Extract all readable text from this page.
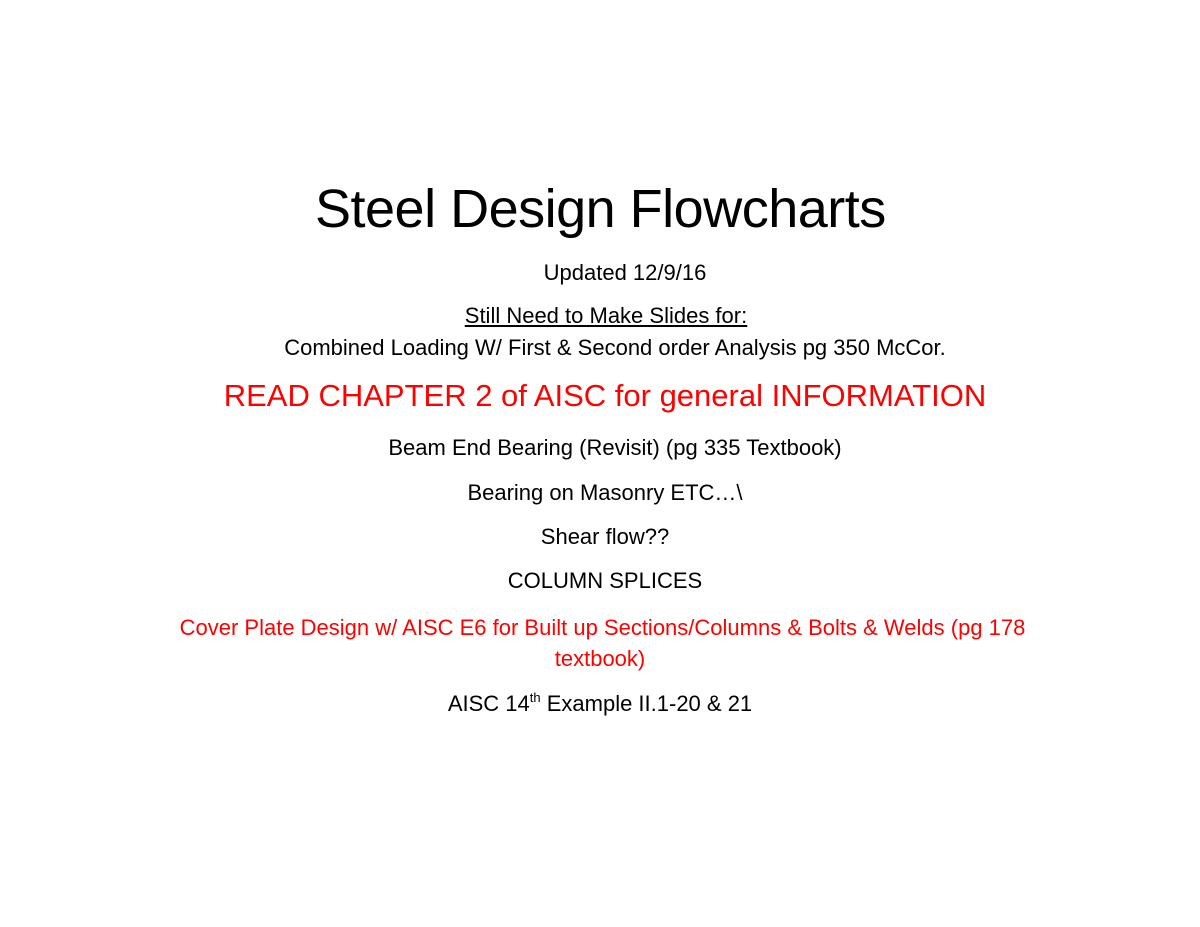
Steel Design Flowcharts
Updated 12/9/16
Still Need to Make Slides for:
Combined Loading W/ First & Second order Analysis pg 350 McCor.
READ CHAPTER 2 of AISC for general INFORMATION
Beam End Bearing (Revisit) (pg 335 Textbook)
Bearing on Masonry ETC…\
Shear flow??
COLUMN SPLICES
Cover Plate Design w/ AISC E6 for Built up Sections/Columns & Bolts & Welds (pg 178
textbook)
AISC 14th Example II.1-20 & 21
